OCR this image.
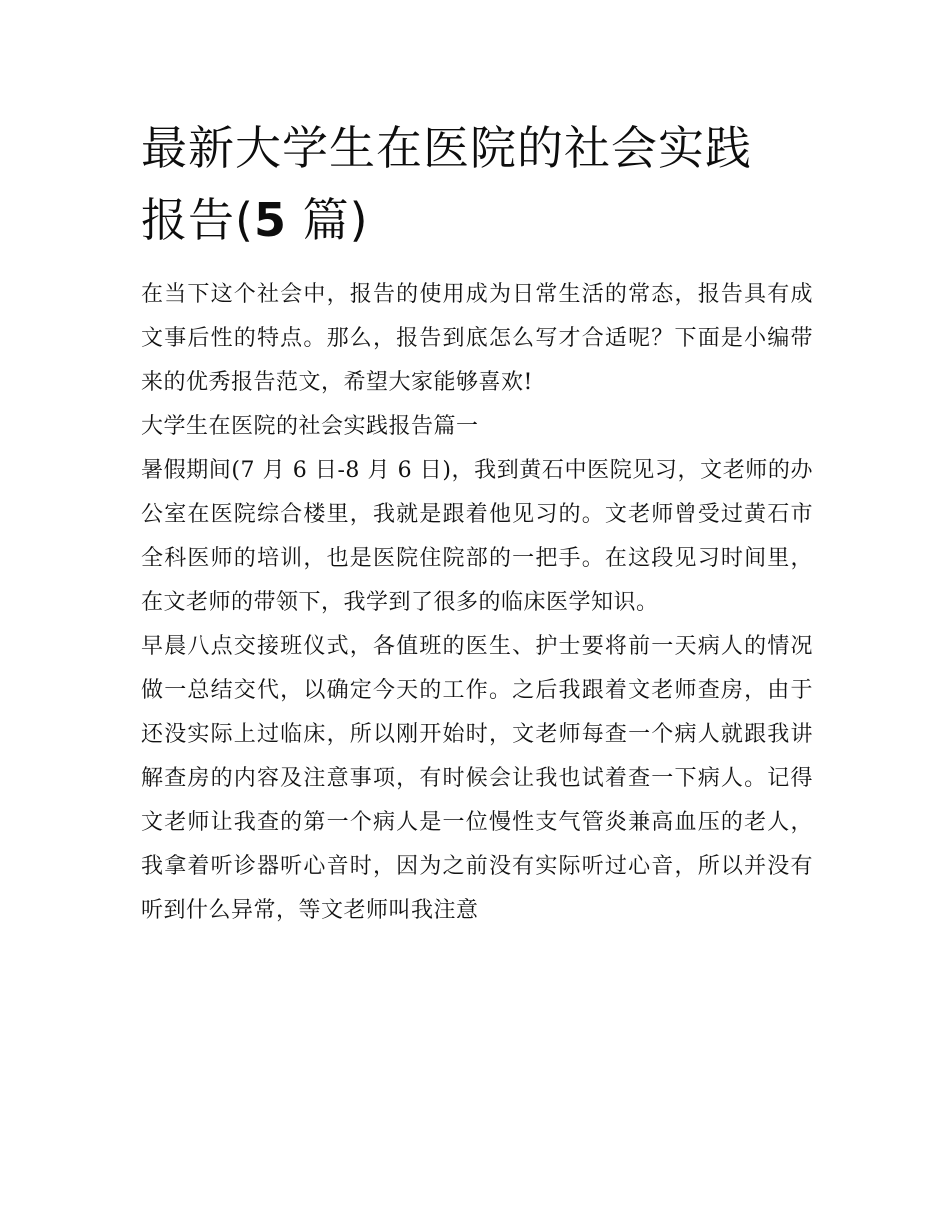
最新大学生在医院的社会实践
报告(5 篇)

在当下这个社会中，报告的使用成为日常生活的常态，报告具有成文事后性的特点。那么，报告到底怎么写才合适呢？下面是小编带来的优秀报告范文，希望大家能够喜欢!

大学生在医院的社会实践报告篇一

暑假期间(7 月 6 日-8 月 6 日)，我到黄石中医院见习，文老师的办公室在医院综合楼里，我就是跟着他见习的。文老师曾受过黄石市全科医师的培训，也是医院住院部的一把手。在这段见习时间里，在文老师的带领下，我学到了很多的临床医学知识。

早晨八点交接班仪式，各值班的医生、护士要将前一天病人的情况做一总结交代，以确定今天的工作。之后我跟着文老师查房，由于还没实际上过临床，所以刚开始时，文老师每查一个病人就跟我讲解查房的内容及注意事项，有时候会让我也试着查一下病人。记得文老师让我查的第一个病人是一位慢性支气管炎兼高血压的老人，我拿着听诊器听心音时，因为之前没有实际听过心音，所以并没有听到什么异常，等文老师叫我注意
